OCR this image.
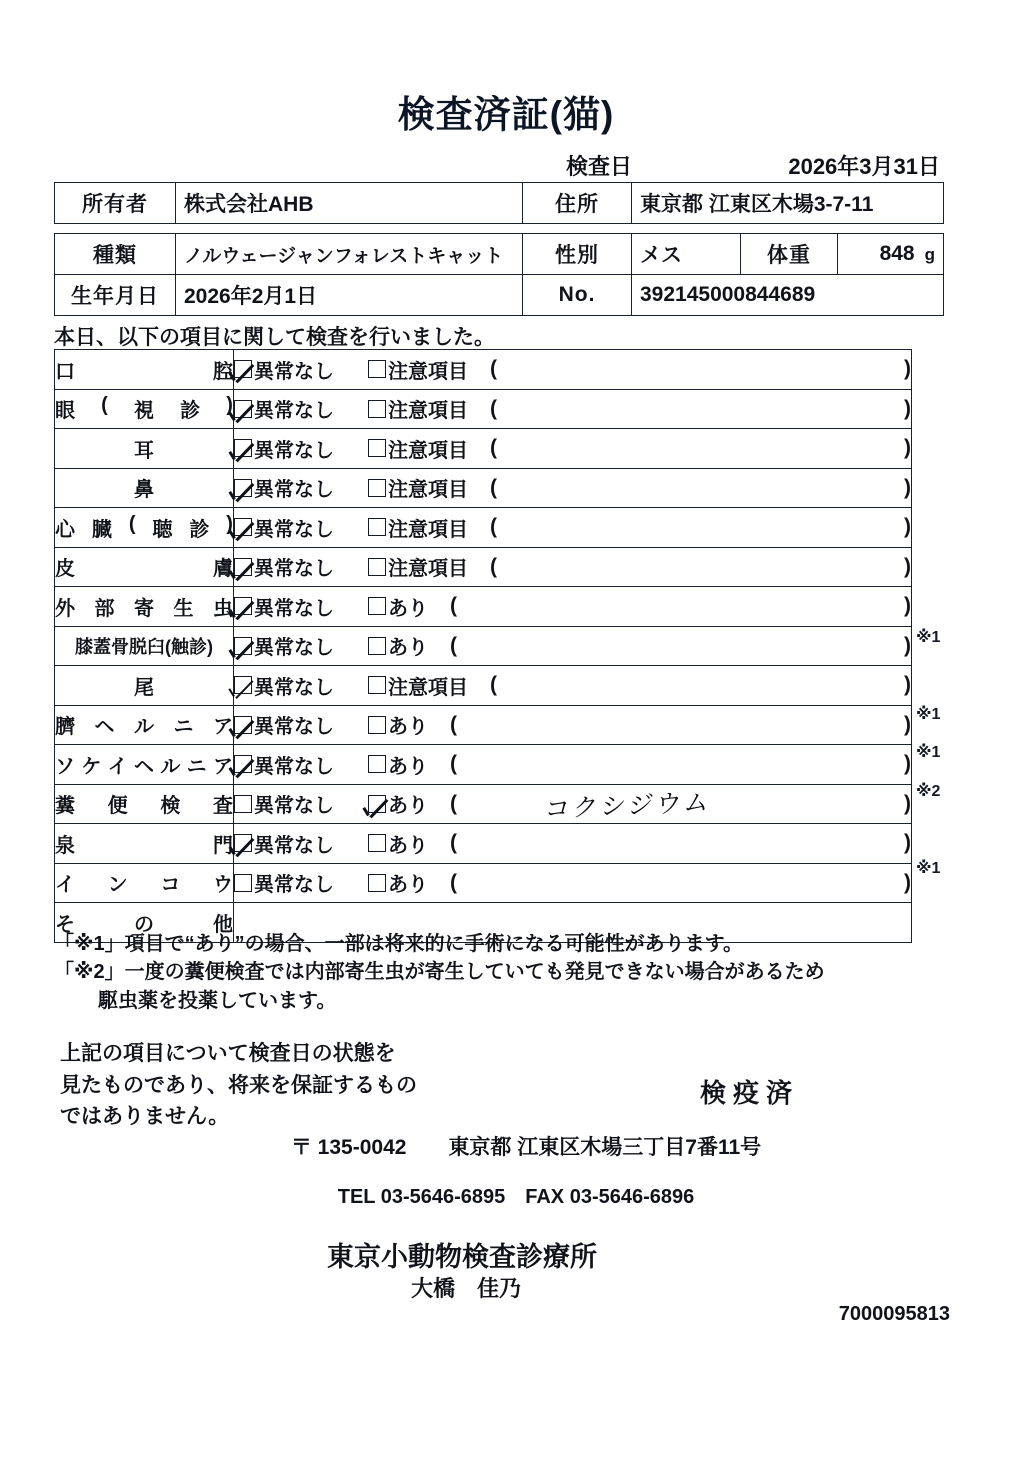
検査済証(猫)
検査日	2026年3月31日
所有者	株式会社AHB	住所	東京都 江東区木場3-7-11
種類	ノルウェージャンフォレストキャット	性別	メス	体重	848 g
生年月日	2026年2月1日	No.	392145000844689		
本日、以下の項目に関して検査を行いました。
口 腔	異常なし 注意項目 ( )

眼 ( 視 診 )	異常なし 注意項目 ( )

耳	異常なし 注意項目 ( )

鼻	異常なし 注意項目 ( )

心 臓 ( 聴 診 )	異常なし	注意項目 (	)

皮 膚	異常なし 注意項目 ( )

外 部 寄 生 虫	異常なし あり ( )

膝蓋骨脱臼(触診)	異常なし あり ( )

尾	異常なし 注意項目 ( )

臍 ヘ ル ニ ア	異常なし あり ( )

ソ ケ イ ヘ ル ニ ア	異常なし	あり (	)

糞 便 検 査	異常なし あり ( コクシジウム )

泉 門	異常なし あり ( )

イ ン コ ウ	異常なし あり ( )

そ の 他	

※1
※1
※1
※2
※1
「※1」項目で“あり”の場合、一部は将来的に手術になる可能性があります。
「※2」一度の糞便検査では内部寄生虫が寄生していても発見できない場合があるため
駆虫薬を投薬しています。
上記の項目について検査日の状態を
見たものであり、将来を保証するもの
ではありません。
検疫済
〒 135-0042　　東京都 江東区木場三丁目7番11号
TEL 03-5646-6895　FAX 03-5646-6896
東京小動物検査診療所
大橋　佳乃
7000095813
